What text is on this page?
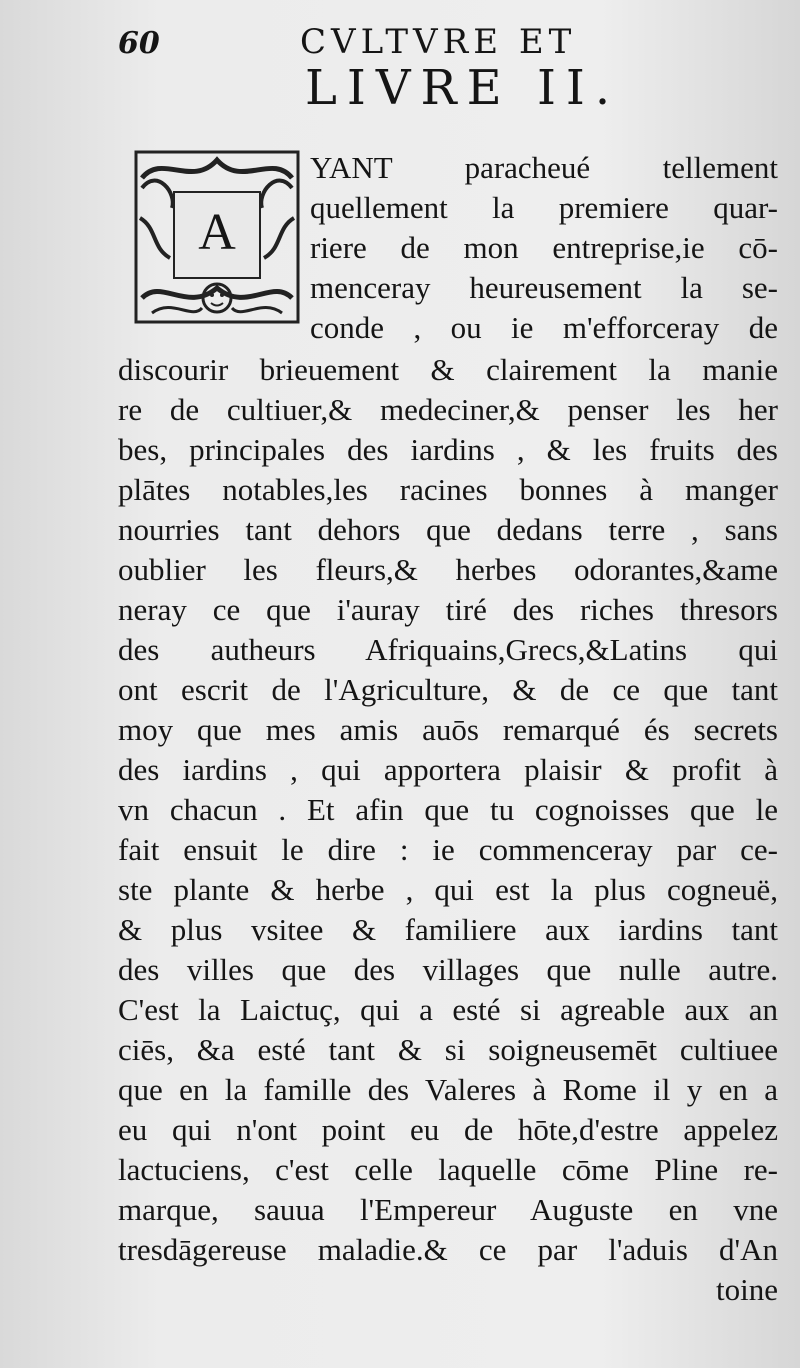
60	CVLTVRE ET
LIVRE II.
A
YANT paracheué tellement
quellement la premiere quar-
riere de mon entreprise,ie cō-
menceray heureusement la se-
conde , ou ie m'efforceray de
discourir brieuement & clairement la manie
re de cultiuer,& medeciner,& penser les her
bes, principales des iardins , & les fruits des
plātes notables,les racines bonnes à manger
nourries tant dehors que dedans terre , sans
oublier les fleurs,& herbes odorantes,&ame
neray ce que i'auray tiré des riches thresors
des autheurs Afriquains,Grecs,&Latins qui
ont escrit de l'Agriculture, & de ce que tant
moy que mes amis auōs remarqué és secrets
des iardins , qui apportera plaisir & profit à
vn chacun . Et afin que tu cognoisses que le
fait ensuit le dire : ie commenceray par ce-
ste plante & herbe , qui est la plus cogneuë,
& plus vsitee & familiere aux iardins tant
des villes que des villages que nulle autre.
C'est la Laictuç, qui a esté si agreable aux an
ciēs, &a esté tant & si soigneusemēt cultiuee
que en la famille des Valeres à Rome il y en a
eu qui n'ont point eu de hōte,d'estre appelez
lactuciens, c'est celle laquelle cōme Pline re-
marque, sauua l'Empereur Auguste en vne
tresdāgereuse maladie.& ce par l'aduis d'An
toine
